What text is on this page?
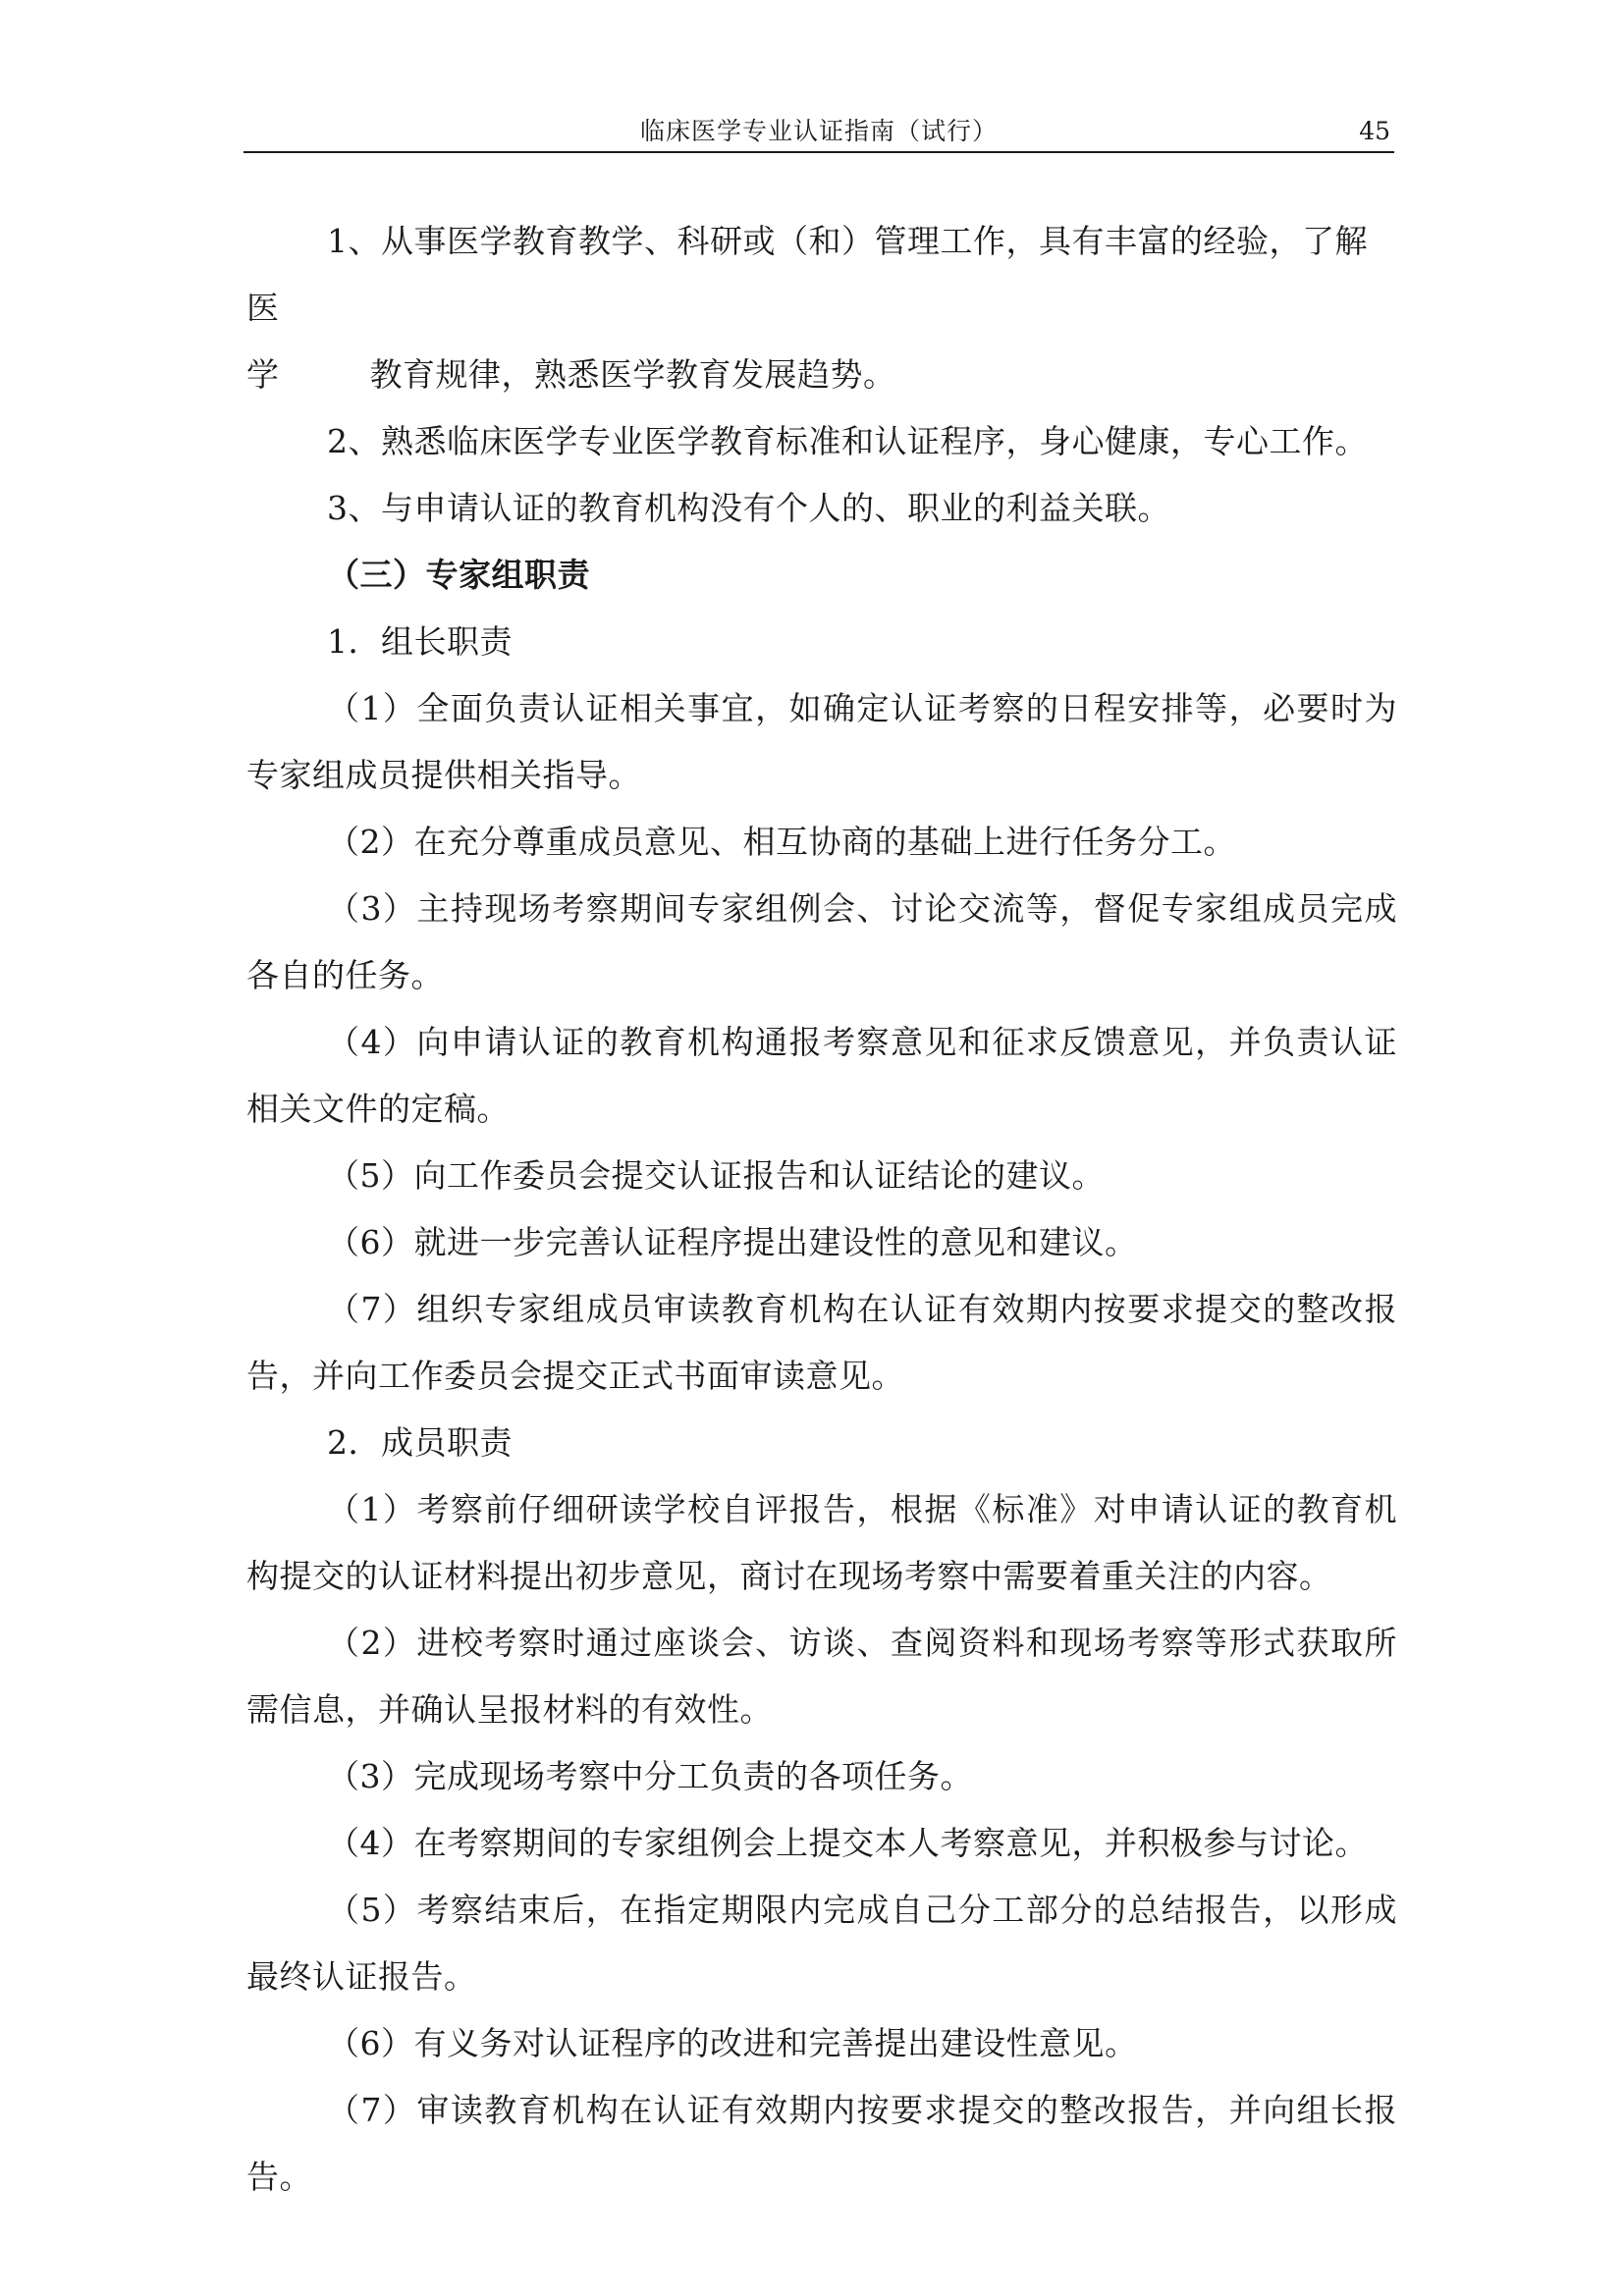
临床医学专业认证指南（试行）	45

1、从事医学教育教学、科研或（和）管理工作，具有丰富的经验，了解医

学	教育规律，熟悉医学教育发展趋势。

2、熟悉临床医学专业医学教育标准和认证程序，身心健康，专心工作。

3、与申请认证的教育机构没有个人的、职业的利益关联。

（三）专家组职责

1．组长职责

（1）全面负责认证相关事宜，如确定认证考察的日程安排等，必要时为专家组成员提供相关指导。

（2）在充分尊重成员意见、相互协商的基础上进行任务分工。

（3）主持现场考察期间专家组例会、讨论交流等，督促专家组成员完成各自的任务。

（4）向申请认证的教育机构通报考察意见和征求反馈意见，并负责认证相关文件的定稿。

（5）向工作委员会提交认证报告和认证结论的建议。

（6）就进一步完善认证程序提出建设性的意见和建议。

（7）组织专家组成员审读教育机构在认证有效期内按要求提交的整改报告，并向工作委员会提交正式书面审读意见。

2．成员职责

（1）考察前仔细研读学校自评报告，根据《标准》对申请认证的教育机构提交的认证材料提出初步意见，商讨在现场考察中需要着重关注的内容。

（2）进校考察时通过座谈会、访谈、查阅资料和现场考察等形式获取所需信息，并确认呈报材料的有效性。

（3）完成现场考察中分工负责的各项任务。

（4）在考察期间的专家组例会上提交本人考察意见，并积极参与讨论。

（5）考察结束后，在指定期限内完成自己分工部分的总结报告，以形成最终认证报告。

（6）有义务对认证程序的改进和完善提出建设性意见。

（7）审读教育机构在认证有效期内按要求提交的整改报告，并向组长报告。
